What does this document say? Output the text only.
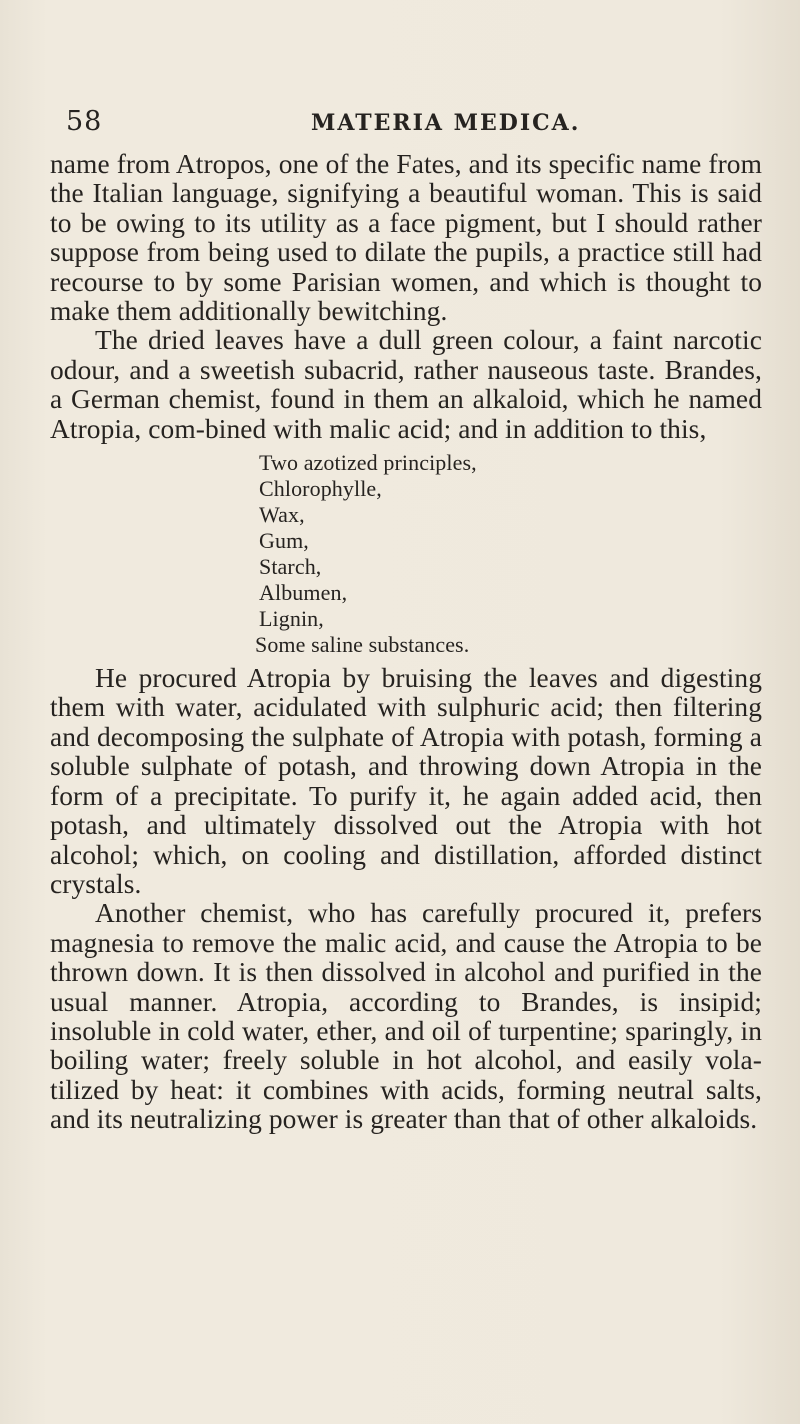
58	MATERIA MEDICA.

name from Atropos, one of the Fates, and its specific name from the Italian language, signifying a beautiful woman. This is said to be owing to its utility as a face pigment, but I should rather suppose from being used to dilate the pupils, a practice still had recourse to by some Parisian women, and which is thought to make them additionally bewitching.

The dried leaves have a dull green colour, a faint narcotic odour, and a sweetish subacrid, rather nauseous taste. Brandes, a German chemist, found in them an alkaloid, which he named Atropia, com-bined with malic acid; and in addition to this,

Two azotized principles,
Chlorophylle,
Wax,
Gum,
Starch,
Albumen,
Lignin,
Some saline substances.

He procured Atropia by bruising the leaves and digesting them with water, acidulated with sulphuric acid; then filtering and decomposing the sulphate of Atropia with potash, forming a soluble sulphate of potash, and throwing down Atropia in the form of a precipitate. To purify it, he again added acid, then potash, and ultimately dissolved out the Atropia with hot alcohol; which, on cooling and distillation, afforded distinct crystals.

Another chemist, who has carefully procured it, prefers magnesia to remove the malic acid, and cause the Atropia to be thrown down. It is then dissolved in alcohol and purified in the usual manner. Atropia, according to Brandes, is insipid; insoluble in cold water, ether, and oil of turpentine; sparingly, in boiling water; freely soluble in hot alcohol, and easily vola-tilized by heat: it combines with acids, forming neutral salts, and its neutralizing power is greater than that of other alkaloids.
